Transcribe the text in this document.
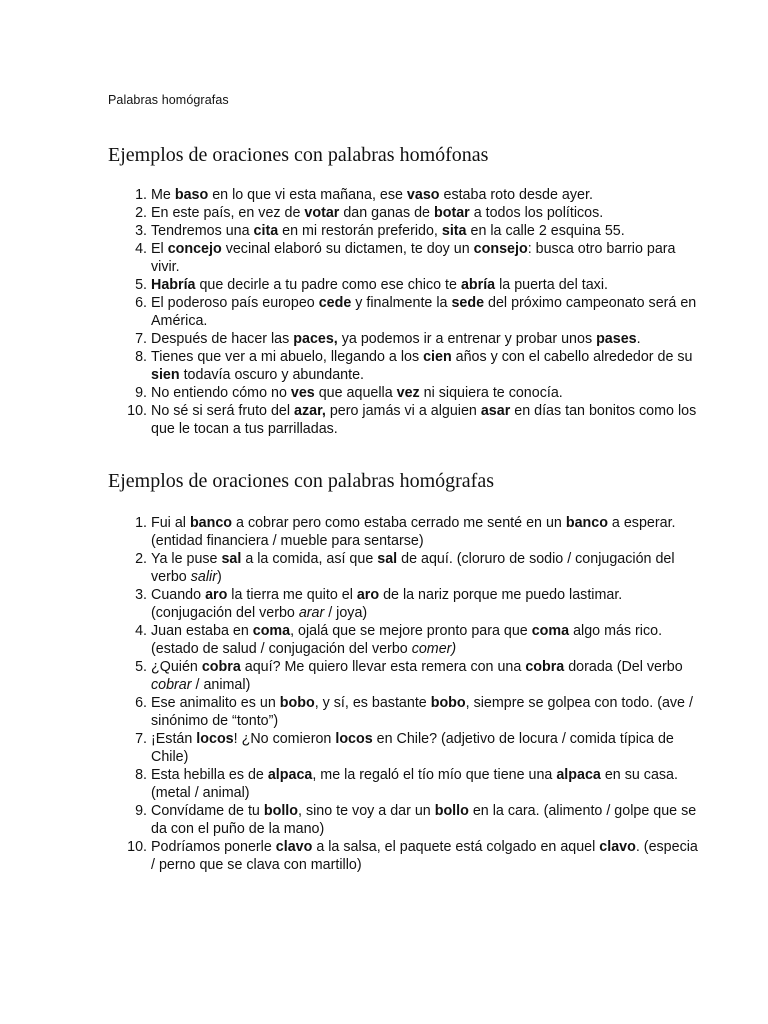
Palabras homógrafas
Ejemplos de oraciones con palabras homófonas
1. Me baso en lo que vi esta mañana, ese vaso estaba roto desde ayer.
2. En este país, en vez de votar dan ganas de botar a todos los políticos.
3. Tendremos una cita en mi restorán preferido, sita en la calle 2 esquina 55.
4. El concejo vecinal elaboró su dictamen, te doy un consejo: busca otro barrio para vivir.
5. Habría que decirle a tu padre como ese chico te abría la puerta del taxi.
6. El poderoso país europeo cede y finalmente la sede del próximo campeonato será en América.
7. Después de hacer las paces, ya podemos ir a entrenar y probar unos pases.
8. Tienes que ver a mi abuelo, llegando a los cien años y con el cabello alrededor de su sien todavía oscuro y abundante.
9. No entiendo cómo no ves que aquella vez ni siquiera te conocía.
10. No sé si será fruto del azar, pero jamás vi a alguien asar en días tan bonitos como los que le tocan a tus parrilladas.
Ejemplos de oraciones con palabras homógrafas
1. Fui al banco a cobrar pero como estaba cerrado me senté en un banco a esperar. (entidad financiera / mueble para sentarse)
2. Ya le puse sal a la comida, así que sal de aquí. (cloruro de sodio / conjugación del verbo salir)
3. Cuando aro la tierra me quito el aro de la nariz porque me puedo lastimar. (conjugación del verbo arar / joya)
4. Juan estaba en coma, ojalá que se mejore pronto para que coma algo más rico. (estado de salud / conjugación del verbo comer)
5. ¿Quién cobra aquí? Me quiero llevar esta remera con una cobra dorada (Del verbo cobrar / animal)
6. Ese animalito es un bobo, y sí, es bastante bobo, siempre se golpea con todo. (ave / sinónimo de “tonto”)
7. ¡Están locos! ¿No comieron locos en Chile? (adjetivo de locura / comida típica de Chile)
8. Esta hebilla es de alpaca, me la regaló el tío mío que tiene una alpaca en su casa. (metal / animal)
9. Convídame de tu bollo, sino te voy a dar un bollo en la cara. (alimento / golpe que se da con el puño de la mano)
10. Podríamos ponerle clavo a la salsa, el paquete está colgado en aquel clavo. (especia / perno que se clava con martillo)
